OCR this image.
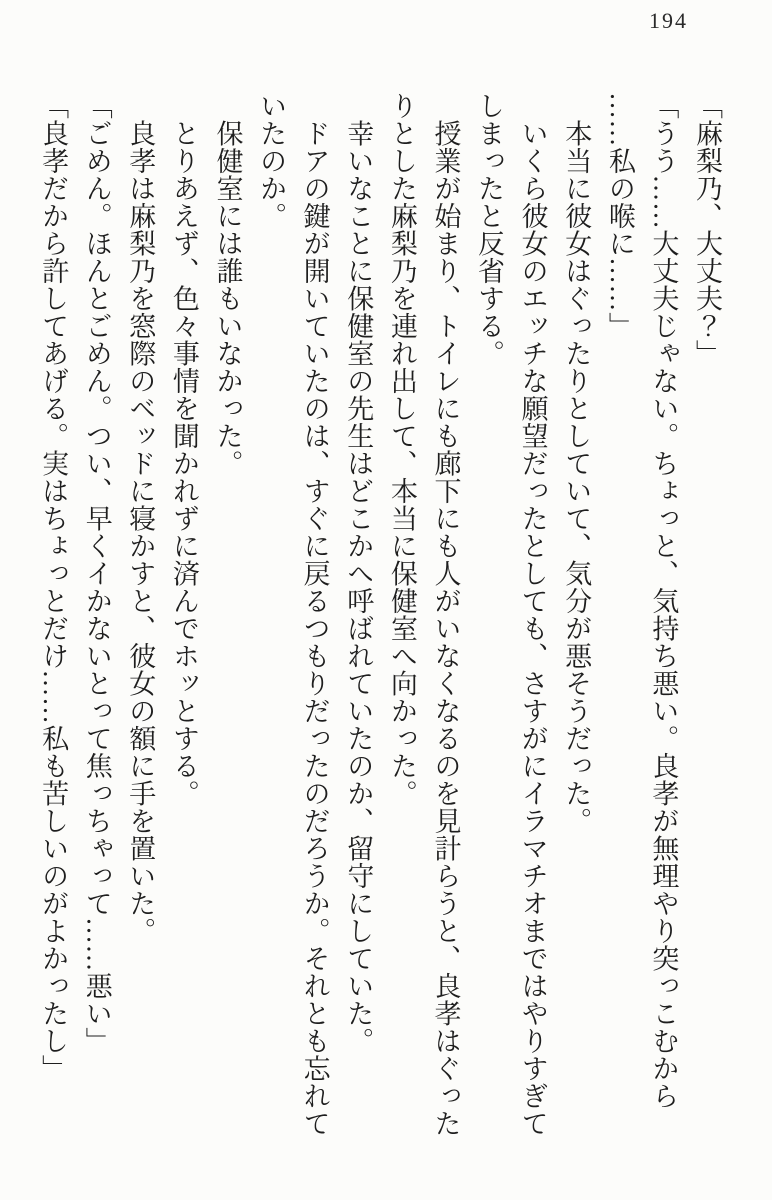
194

「麻梨乃、大丈夫？」

「うう……大丈夫じゃない。ちょっと、気持ち悪い。良孝が無理やり突っこむから

……私の喉に……」

　本当に彼女はぐったりとしていて、気分が悪そうだった。

　いくら彼女のエッチな願望だったとしても、さすがにイラマチオまではやりすぎて

しまったと反省する。

　授業が始まり、トイレにも廊下にも人がいなくなるのを見計らうと、良孝はぐった

りとした麻梨乃を連れ出して、本当に保健室へ向かった。

　幸いなことに保健室の先生はどこかへ呼ばれていたのか、留守にしていた。

　ドアの鍵が開いていたのは、すぐに戻るつもりだったのだろうか。それとも忘れて

いたのか。

　保健室には誰もいなかった。

　とりあえず、色々事情を聞かれずに済んでホッとする。

　良孝は麻梨乃を窓際のベッドに寝かすと、彼女の額に手を置いた。

「ごめん。ほんとごめん。つい、早くイかないとって焦っちゃって……悪い」

「良孝だから許してあげる。実はちょっとだけ……私も苦しいのがよかったし」
